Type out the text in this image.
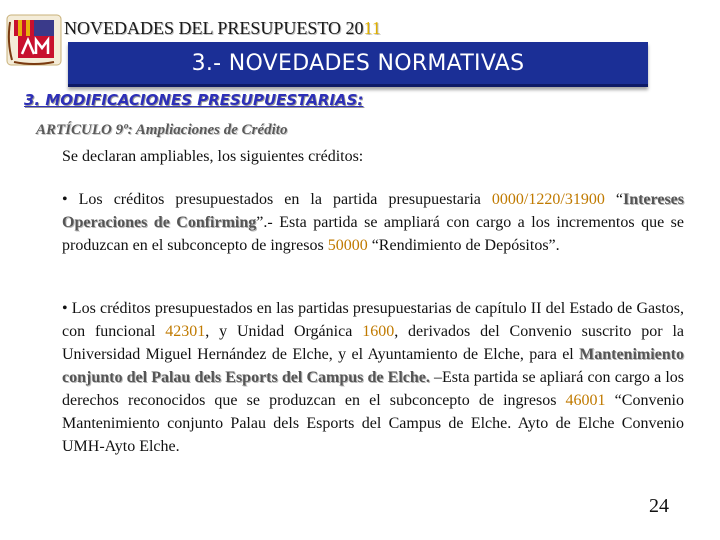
NOVEDADES DEL PRESUPUESTO 2011
3.- NOVEDADES NORMATIVAS
3. MODIFICACIONES PRESUPUESTARIAS:
ARTÍCULO 9º: Ampliaciones de Crédito
Se declaran ampliables, los siguientes créditos:
• Los créditos presupuestados en la partida presupuestaria 0000/1220/31900 “Intereses Operaciones de Confirming”.- Esta partida se ampliará con cargo a los incrementos que se produzcan en el subconcepto de ingresos 50000 “Rendimiento de Depósitos”.
• Los créditos presupuestados en las partidas presupuestarias de capítulo II del Estado de Gastos, con funcional 42301, y Unidad Orgánica 1600, derivados del Convenio suscrito por la Universidad Miguel Hernández de Elche, y el Ayuntamiento de Elche, para el Mantenimiento conjunto del Palau dels Esports del Campus de Elche. –Esta partida se apliará con cargo a los derechos reconocidos que se produzcan en el subconcepto de ingresos 46001 “Convenio Mantenimiento conjunto Palau dels Esports del Campus de Elche. Ayto de Elche Convenio UMH-Ayto Elche.
24
